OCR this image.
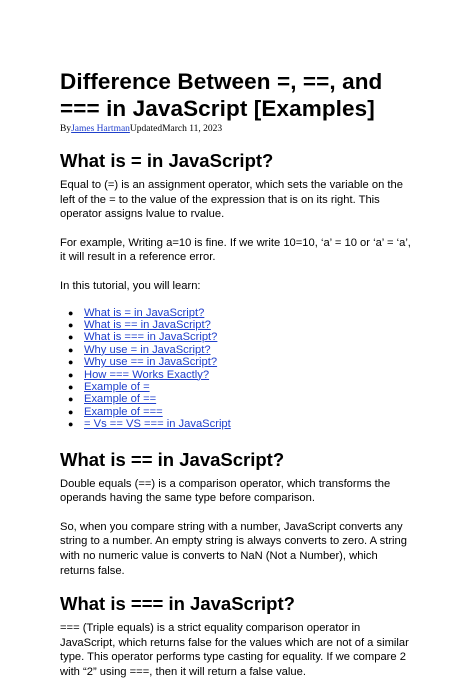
Difference Between =, ==, and === in JavaScript [Examples]
ByJames HartmanUpdatedMarch 11, 2023
What is = in JavaScript?

Equal to (=) is an assignment operator, which sets the variable on the left of the = to the value of the expression that is on its right. This operator assigns lvalue to rvalue.

For example, Writing a=10 is fine. If we write 10=10, ‘a’ = 10 or ‘a’ = ‘a’, it will result in a reference error.

In this tutorial, you will learn:

● What is = in JavaScript?
● What is == in JavaScript?
● What is === in JavaScript?
● Why use = in JavaScript?
● Why use == in JavaScript?
● How === Works Exactly?
● Example of =
● Example of ==
● Example of ===
● = Vs == VS === in JavaScript
What is == in JavaScript?

Double equals (==) is a comparison operator, which transforms the operands having the same type before comparison.

So, when you compare string with a number, JavaScript converts any string to a number. An empty string is always converts to zero. A string with no numeric value is converts to NaN (Not a Number), which returns false.

What is === in JavaScript?

=== (Triple equals) is a strict equality comparison operator in JavaScript, which returns false for the values which are not of a similar type. This operator performs type casting for equality. If we compare 2 with “2” using ===, then it will return a false value.
